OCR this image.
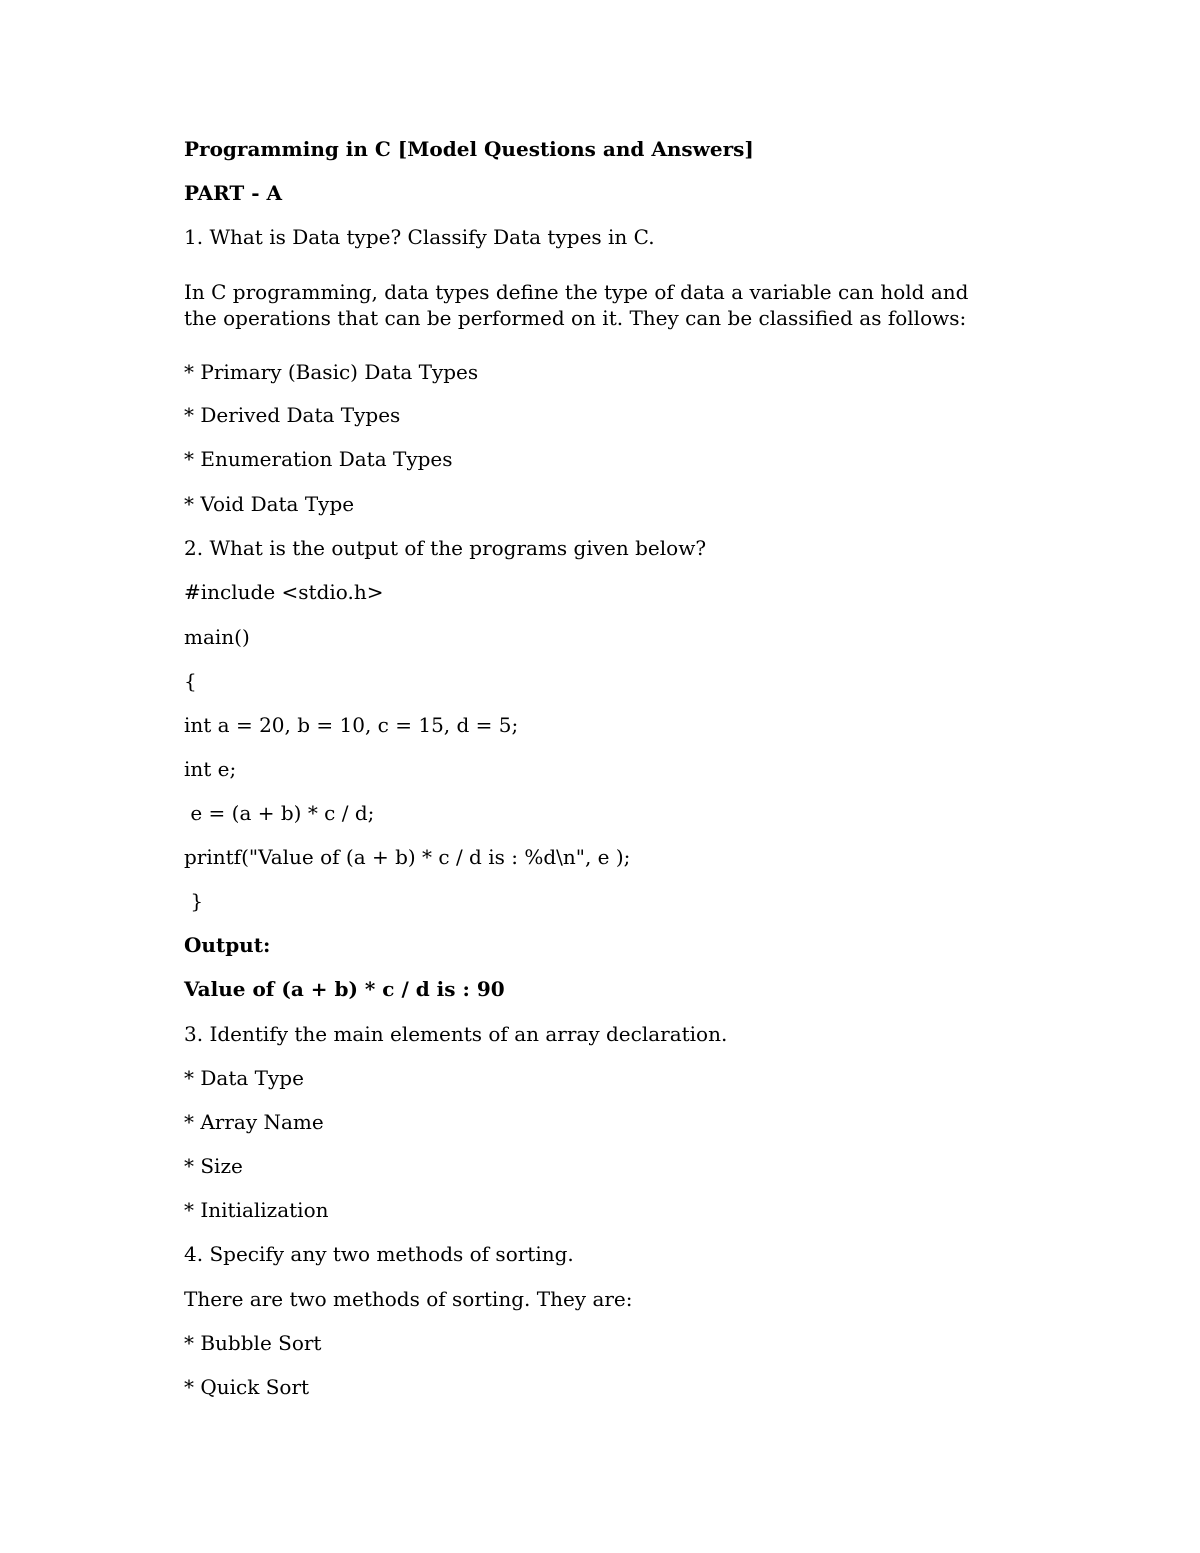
Programming in C [Model Questions and Answers]

PART - A

1. What is Data type? Classify Data types in C.

In C programming, data types define the type of data a variable can hold and

the operations that can be performed on it. They can be classified as follows:

* Primary (Basic) Data Types

* Derived Data Types

* Enumeration Data Types

* Void Data Type

2. What is the output of the programs given below?

#include <stdio.h>

main()

{

int a = 20, b = 10, c = 15, d = 5;

int e;

e = (a + b) * c / d;

printf("Value of (a + b) * c / d is : %d\n", e );

}

Output:

Value of (a + b) * c / d is : 90

3. Identify the main elements of an array declaration.

* Data Type

* Array Name

* Size

* Initialization

4. Specify any two methods of sorting.

There are two methods of sorting. They are:

* Bubble Sort

* Quick Sort
